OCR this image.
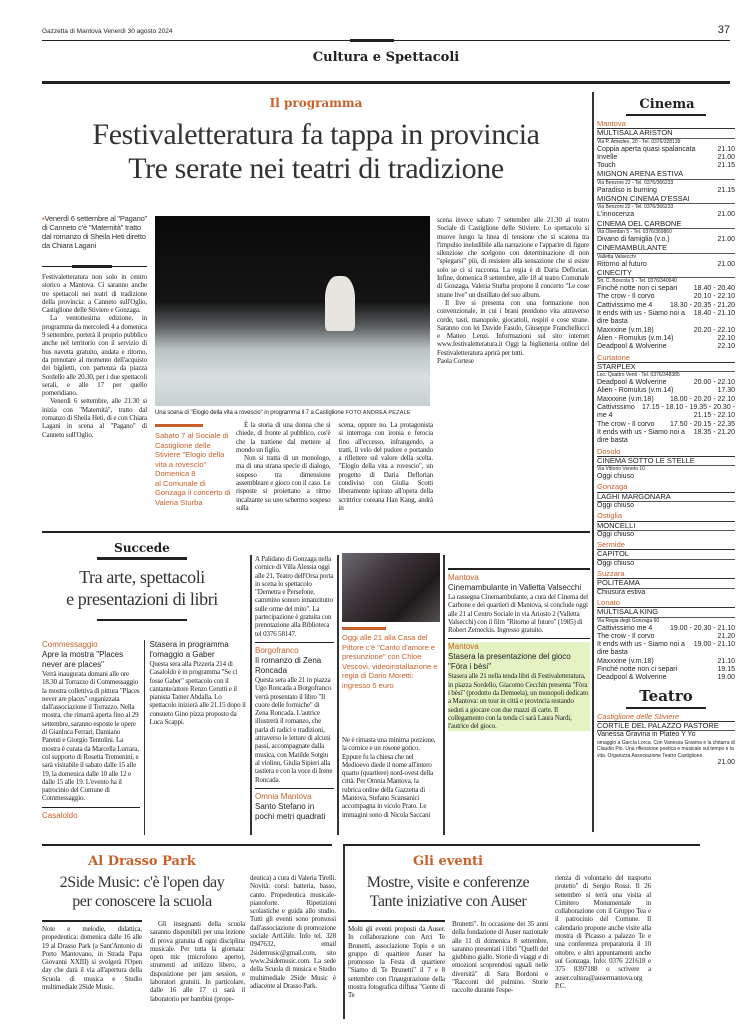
Gazzetta di Mantova Venerdì 30 agosto 2024	37
Cultura e Spettacoli
Il programma
Festivaletteratura fa tappa in provincia
Tre serate nei teatri di tradizione
▪Venerdì 6 settembre al "Pagano" di Canneto c'è "Maternità" tratto dal romanzo di Sheila Heti diretto da Chiara Lagani

Festivaletteratura non solo in centro storico a Mantova. Ci saranno anche tre spettacoli nei teatri di tradizione della provincia: a Canneto sull'Oglio, Castiglione delle Stiviere e Gonzaga.

La ventottesima edizione, in programma da mercoledì 4 a domenica 9 settembre, porterà il proprio pubblico anche nel territorio con il servizio di bus navetta gratuito, andata e ritorno, da prenotare al momento dell'acquisto dei biglietti, con partenza da piazza Sordello alle 20.30, per i due spettacoli serali, e alle 17 per quello pomeridiano.

Venerdì 6 settembre, alle 21.30 si inizia con "Maternità", tratto dal romanzo di Sheila Heti, di e con Chiara Lagani in scena al "Pagano" di Canneto sull'Oglio.

Una scena di "Elogio della vita a rovescio" in programma il 7 a Castiglione FOTO ANDREA PEZALE
Sabato 7 al Sociale di Castiglione delle Stiviere "Elogio della vita a rovescio"
Domenica 8
al Comunale di Gonzaga il concerto di Valeria Sturba

È la storia di una donna che si chiede, di fronte al pubblico, cos'è che la trattiene dal mettere al mondo un figlio.

Non si tratta di un monologo, ma di una strana specie di dialogo, sospeso tra dimensione assembleare e gioco con il caso. Le risposte si proiettano a ritmo incalzante su uno schermo sospeso sulla

scena, oppure no. La protagonista si interroga con ironia e ferocia fino all'eccesso, infrangendo, a tratti, il velo del pudore e portando a riflettere sul valore della scelta. "Elogio della vita a rovescio", un progetto di Daria Deflorian condiviso con Giulia Scotti liberamente ispirato all'opera della scrittrice coreana Han Kang, andrà in

scena invece sabato 7 settembre alle 21.30 al teatro Sociale di Castiglione delle Stiviere. Lo spettacolo si muove lungo la linea di tensione che si scatena tra l'impulso ineludibile alla narrazione e l'apparire di figure silenziose che scelgono con determinazione di non "spiegarsi" più, di resistere alla sensazione che si esiste solo se ci si racconta. La regia è di Daria Deflorian. Infine, domenica 8 settembre, alle 18 al teatro Comunale di Gonzaga, Valeria Sturba propone il concerto "Le cose strane live" un distillato del suo album.

Il live si presenta con una formazione non convenzionale, in cui i brani prendono vita attraverso corde, tasti, manopole, giocattoli, respiri e cose strane. Saranno con lei Davide Fasulo, Giuseppe Franchellucci e Matteo Lenzi. Informazioni sul sito internet www.festivaletteratura.it Oggi la biglietteria online del Festivaletteratura aprirà per tutti.

Paola Cortese

Cinema
Mantova
MULTISALA ARISTON
Via P. Amedeo, 20 - Tel. 0376/328139
Coppia aperta quasi spalancata	21.10
Invelle	21.00
Touch	21.15
MIGNON ARENA ESTIVA
Via Benzoni 22 - Tel. 0376/366233
Paradiso is burning	21.15
MIGNON CINEMA D'ESSAI
Via Benzoni 22 - Tel. 0376/366233
L'innocenza	21.00
CINEMA DEL CARBONE
Via Oberdan 5 - Tel. 0376/369860
Divano di famiglia (v.o.)	21.00
CINEMAMBULANTE
Valletta Valsecchi
Ritorno al futuro	21.00
CINECITY
Str. C. Boscola 5 - Tel. 0376/340040
Finché notte non ci separi	18.40 - 20.40
The crow - Il corvo	20.10 - 22.10
Cattivissimo me 4	18.30 - 20.35 - 21.20
It ends with us - Siamo noi a dire basta
18.40 - 21.10
Maxxxine (v.m.18)	20.20 - 22.10
Alien - Romulus (v.m.14)	22.10
Deadpool & Wolverine	22.10
Curtatone
STARPLEX
Loc. Quattro Venti - Tel. 0376/348385
Deadpool & Wolverine	20.00 - 22.10
Alien - Romulus (v.m.14)	17.30
Maxxxine (v.m.18)	18.00 - 20.20 - 22.10
Cattivissimo me 4
17.15 - 18.10 - 19.35 - 20.30 - 21.15 - 22.10
The crow - Il corvo	17.50 - 20.15 - 22.35
It ends with us - Siamo noi a dire basta
18.35 - 21.20
Dosolo
CINEMA SOTTO LE STELLE
Via Vittorio Veneto 10
Oggi chiuso
Gonzaga
LAGHI MARGONARA
Oggi chiuso
Ostiglia
MONCELLI
Oggi chiuso
Sermide
CAPITOL
Oggi chiuso
Suzzara
POLITEAMA
Chiusura estiva
Lonato
MULTISALA KING
Via Regia degli Gonzaga 60
Cattivissimo me 4	19.00 - 20.30 - 21.10
The crow - Il corvo	21.20
It ends with us - Siamo noi a dire basta
19.00 - 21.10
Maxxxine (v.m.18)	21.10
Finché notte non ci separi	19.15
Deadpool & Wolverine	19.00
Teatro
Castiglione delle Stiviere
CORTILE DEL PALAZZO PASTORE
Vanessa Gravina in Plateo Y Yo
omaggio a García Lorca. Con Vanessa Gravina e la chitarra di Claudio Pio. Una riflessione poetica e musicale sul tempo e la vita. Organizza Associazione Teatro Castiglione.
21.00
Succede
Tra arte, spettacoli
e presentazioni di libri
Commessaggio
Apre la mostra "Places never are places"
Verrà inaugurata domani alle ore 18.30 al Torrazzo di Commessaggio la mostra collettiva di pittura "Places never are places" organizzata dall'associazione il Torrazzo. Nella mostra, che rimarrà aperta fino al 29 settembre, saranno esposte le opere di Gianluca Ferrari, Damiano Parenti e Giorgio Tentolini. La mostra è curata da Marcella Lurrara, col supporto di Rosetta Tremenini, e sarà visitabile il sabato dalle 15 alle 19, la domenica dalle 10 alle 12 e dalle 15 alle 19. L'evento ha il patrocinio del Comune di Commessaggio.
Casaloldo
Stasera in programma l'omaggio a Gaber
Questa sera alla Pizzeria 214 di Casaloldo è in programma "Se ci fosse Gaber" spettacolo con il cantante/attore Renzo Cerutti e il pianista Tamer Abdalla. Lo spettacolo inizierà alle 21.15 dopo il consueto Gino pizza proposto da Luca Scappi.
A Palidano di Gonzaga nella cornice di Villa Alessia oggi alle 21, Teatro dell'Orsa porta in scena lo spettacolo "Demetra e Persefone, cammino sonoro innanzitutto sulle orme del mito". La partecipazione è gratuita con prenotazione alla Biblioteca tel 0376 58147.
Borgofranco
Il romanzo di Zena Roncada
Questa sera alle 21 in piazza Ugo Roncada a Borgofranco verrà presentato il libro "Il cuore delle formiche" di Zena Roncada. L'autrice illustrerà il romanzo, che parla di radici e tradizioni, attraverso le letture di alcuni passi, accompagnate dalla musica, con Matilde Sotgiu al violino, Giulia Sipieri alla tastiera e con la voce di Irene Roncada.
Omnia Mantova
Santo Stefano in pochi metri quadrati
Oggi alle 21 alla Casa del Pittore c'è "Canto d'amore e presunzione" con Chloe Vescovi, videoinstallazione e regia di Dario Moretti: ingresso 5 euro
Ne è rimasta una minima porzione, la cornice e un rosone gotico. Eppure fu la chiesa che nel Medioevo diede il nome all'intero quarto (quartiere) nord-ovest della città. Per Omnia Mantova, la rubrica online della Gazzetta di Mantova, Stefano Scansanici accompagna in vicolo Prato. Le immagini sono di Nicola Saccani
Mantova
Cinemambulante in Valletta Valsecchi
La rassegna Cinemambulante, a cura del Cinema del Carbone e dei quartieri di Mantova, si conclude oggi alle 21 al Centro Sociale in via Ariosto 2 (Valletta Valsecchi) con il film "Ritorno al futuro" (1985) di Robert Zemeckis. Ingresso gratuito.
Mantova
Stasera la presentazione del gioco "Fòra i bèsi"
Stasera alle 21 nella tenda libri di Festivaletteratura, in piazza Sordello, Giacomo Cecchin presenta "Fòra i bèsi" (prodotto da Demoela), un monopoli dedicato a Mantova: un tour in città e provincia restando seduti a giocare con due mazzi di carte. Il collegamento con la tenda ci sarà Laura Nardi, l'autrice del gioco.
Al Drasso Park
2Side Music: c'è l'open day
per conoscere la scuola
Note e melodie, didattica, propedeutica: domenica dalle 16 alle 19 al Drasso Park (a Sant'Antonio di Porto Mantovano, in Strada Papa Giovanni XXIII) si svolgerà l'Open day che darà il via all'apertura della Scuola di musica e Studio multimediale 2Side Music.
Gli insegnanti della scuola saranno disponibili per una lezione di prova gratuita di ogni disciplina musicale. Per tutta la giornata: open mic (microfono aperto), strumenti ad utilizzo libero, a disposizione per jam session, e laboratori gratuiti. In particolare, dalle 16 alle 17 ci sarà il laboratorio per bambini (prope-
deutica) a cura di Valeria Tirelli. Novità: corsi: batteria, basso, canto. Propedeutica musicale-pianoforte. Ripetizioni scolastiche e guida allo studio. Tutti gli eventi sono promossi dall'associazione di promozione sociale ArtGlife. Info tel. 328 0947632, email 2sidemusic@gmail.com, sito www.2sidemusic.com. La sede della Scuola di musica e Studio multimediale 2Side Music è adiacente al Drasso Park.
Gli eventi
Mostre, visite e conferenze
Tante iniziative con Auser
Molti gli eventi proposti da Auser. In collaborazione con Arci Te Brunetti, associazione Topis e un gruppo di quartiere Auser ha promosso la Festa di quartiere "Siamo di Te Brunetti" il 7 e 8 settembre con l'inaugurazione della mostra fotografica diffusa "Gente di Te
Brunetti". In occasione dei 35 anni della fondazione di Auser nazionale alle 11 di domenica 8 settembre, saranno presentati i libri "Quelli del giubbino giallo. Storie di viaggi e di emozioni scoprendosi uguali nelle diversità" di Sara Bordoni e "Racconti del pulmino. Storie raccolte durante l'espe-
rienza di volontario del trasporto protetto" di Sergio Rossi. Il 26 settembre si terrà una visita al Cimitero Monumentale in collaborazione con il Gruppo Tea e il patrocinio del Comune. Il calendario propone anche visite alla mostra di Picasso a palazzo Te e una conferenza preparatoria il 10 ottobre, e altri appuntamenti anche sul Gonzaga. Info: 0376 221618 e 375 8397188 o scrivere a auser.cultura@ausermantova.org P.C.
